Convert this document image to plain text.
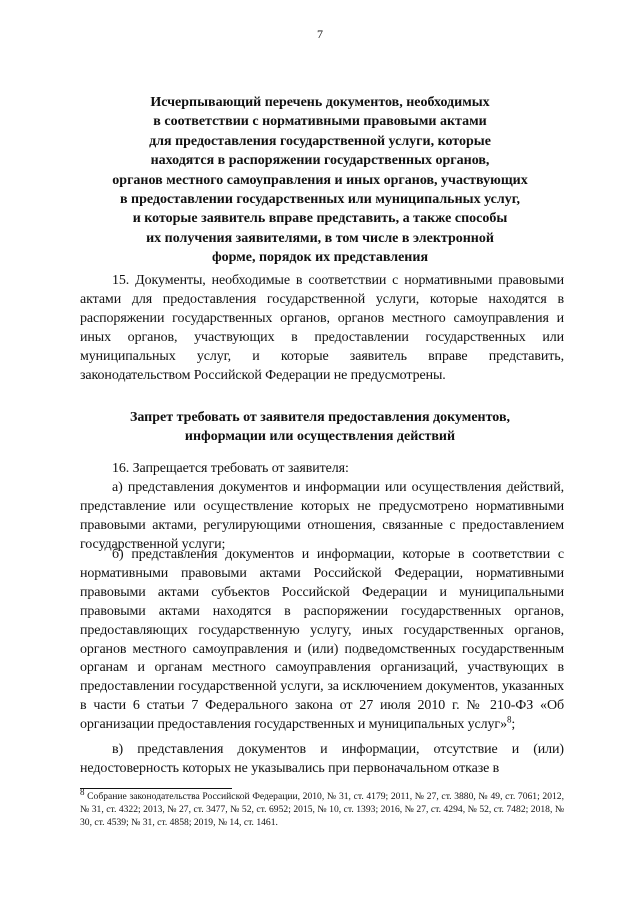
7
Исчерпывающий перечень документов, необходимых
в соответствии с нормативными правовыми актами
для предоставления государственной услуги, которые
находятся в распоряжении государственных органов,
органов местного самоуправления и иных органов, участвующих
в предоставлении государственных или муниципальных услуг,
и которые заявитель вправе представить, а также способы
их получения заявителями, в том числе в электронной
форме, порядок их представления

15. Документы, необходимые в соответствии с нормативными правовыми актами для предоставления государственной услуги, которые находятся в распоряжении государственных органов, органов местного самоуправления и иных органов, участвующих в предоставлении государственных или муниципальных услуг, и которые заявитель вправе представить, законодательством Российской Федерации не предусмотрены.

Запрет требовать от заявителя предоставления документов,
информации или осуществления действий

16. Запрещается требовать от заявителя:

а) представления документов и информации или осуществления действий, представление или осуществление которых не предусмотрено нормативными правовыми актами, регулирующими отношения, связанные с предоставлением государственной услуги;

б) представления документов и информации, которые в соответствии с нормативными правовыми актами Российской Федерации, нормативными правовыми актами субъектов Российской Федерации и муниципальными правовыми актами находятся в распоряжении государственных органов, предоставляющих государственную услугу, иных государственных органов, органов местного самоуправления и (или) подведомственных государственным органам и органам местного самоуправления организаций, участвующих в предоставлении государственной услуги, за исключением документов, указанных в части 6 статьи 7 Федерального закона от 27 июля 2010 г. № 210-ФЗ «Об организации предоставления государственных и муниципальных услуг»$^8$;

в) представления документов и информации, отсутствие и (или) недостоверность которых не указывались при первоначальном отказе в

$^8$ Собрание законодательства Российской Федерации, 2010, № 31, ст. 4179; 2011, № 27, ст. 3880, № 49, ст. 7061; 2012, № 31, ст. 4322; 2013, № 27, ст. 3477, № 52, ст. 6952; 2015, № 10, ст. 1393; 2016, № 27, ст. 4294, № 52, ст. 7482; 2018, № 30, ст. 4539; № 31, ст. 4858; 2019, № 14, ст. 1461.
